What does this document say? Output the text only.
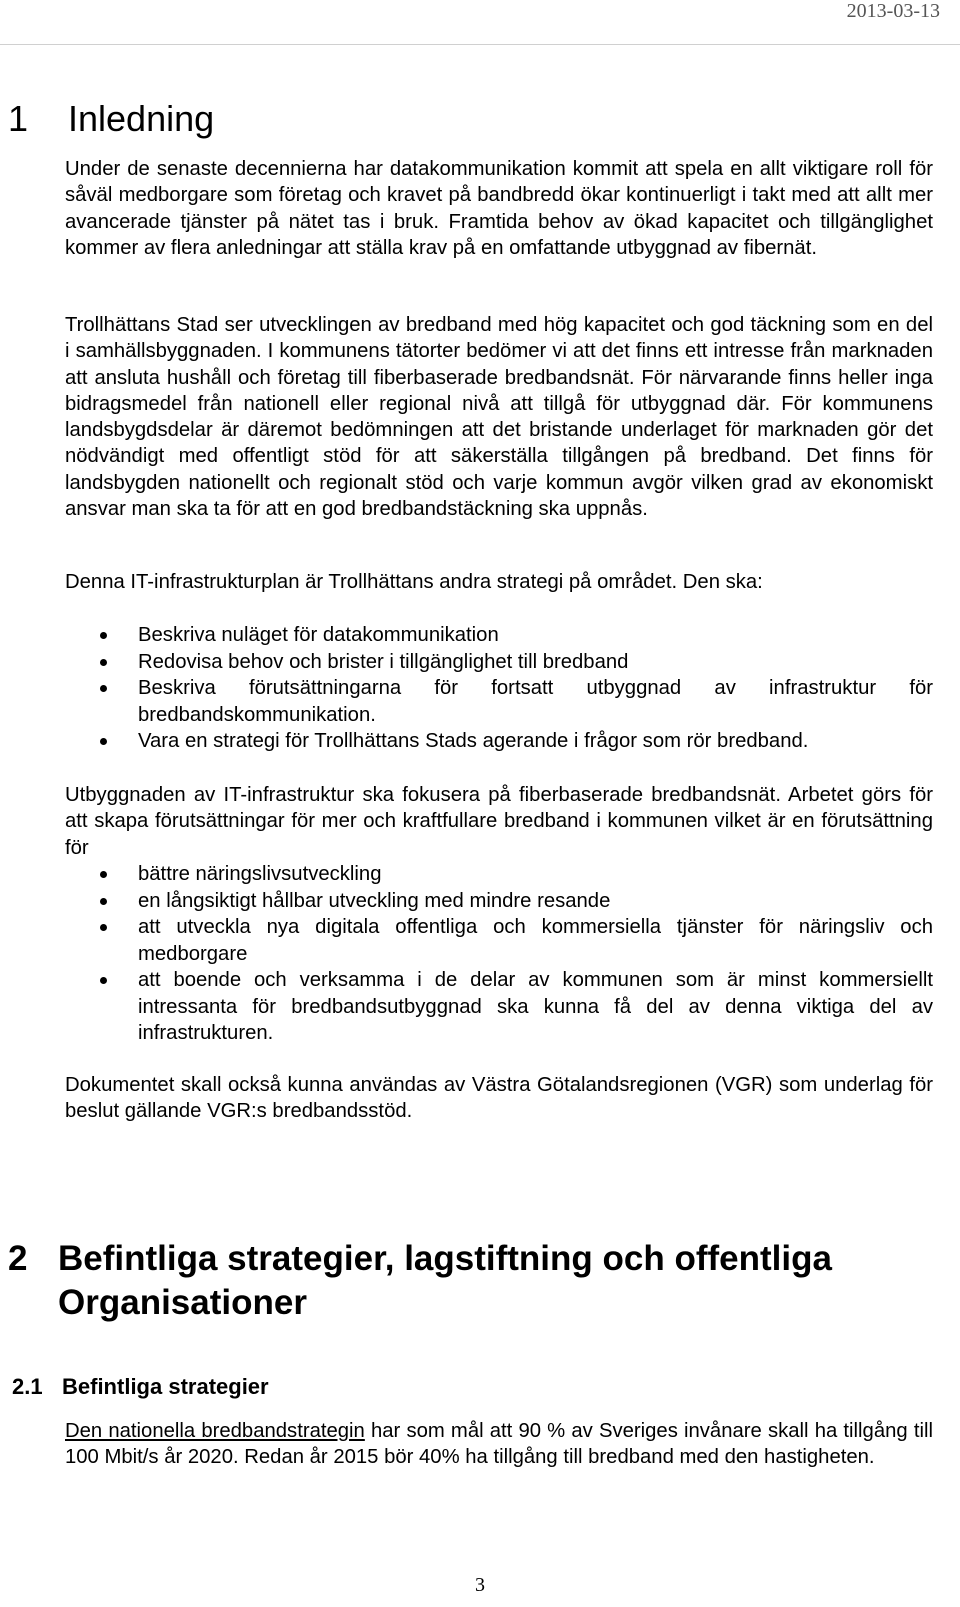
2013-03-13
1 Inledning

Under de senaste decennierna har datakommunikation kommit att spela en allt viktigare roll för såväl medborgare som företag och kravet på bandbredd ökar kontinuerligt i takt med att allt mer avancerade tjänster på nätet tas i bruk. Framtida behov av ökad kapacitet och tillgänglighet kommer av flera anledningar att ställa krav på en omfattande utbyggnad av fibernät.

Trollhättans Stad ser utvecklingen av bredband med hög kapacitet och god täckning som en del i samhällsbyggnaden. I kommunens tätorter bedömer vi att det finns ett intresse från marknaden att ansluta hushåll och företag till fiberbaserade bredbandsnät. För närvarande finns heller inga bidragsmedel från nationell eller regional nivå att tillgå för utbyggnad där. För kommunens landsbygdsdelar är däremot bedömningen att det bristande underlaget för marknaden gör det nödvändigt med offentligt stöd för att säkerställa tillgången på bredband. Det finns för landsbygden nationellt och regionalt stöd och varje kommun avgör vilken grad av ekonomiskt ansvar man ska ta för att en god bredbandstäckning ska uppnås.

Denna IT-infrastrukturplan är Trollhättans andra strategi på området. Den ska:

Beskriva nuläget för datakommunikation
Redovisa behov och brister i tillgänglighet till bredband
Beskriva förutsättningarna för fortsatt utbyggnad av infrastruktur för bredbandskommunikation.
Vara en strategi för Trollhättans Stads agerande i frågor som rör bredband.

Utbyggnaden av IT-infrastruktur ska fokusera på fiberbaserade bredbandsnät. Arbetet görs för att skapa förutsättningar för mer och kraftfullare bredband i kommunen vilket är en förutsättning för

bättre näringslivsutveckling
en långsiktigt hållbar utveckling med mindre resande
att utveckla nya digitala offentliga och kommersiella tjänster för näringsliv och medborgare
att boende och verksamma i de delar av kommunen som är minst kommersiellt intressanta för bredbandsutbyggnad ska kunna få del av denna viktiga del av infrastrukturen.

Dokumentet skall också kunna användas av Västra Götalandsregionen (VGR) som underlag för beslut gällande VGR:s bredbandsstöd.

2 Befintliga strategier, lagstiftning och offentliga
Organisationer
2.1 Befintliga strategier

Den nationella bredbandstrategin har som mål att 90 % av Sveriges invånare skall ha tillgång till 100 Mbit/s år 2020. Redan år 2015 bör 40% ha tillgång till bredband med den hastigheten.

3
